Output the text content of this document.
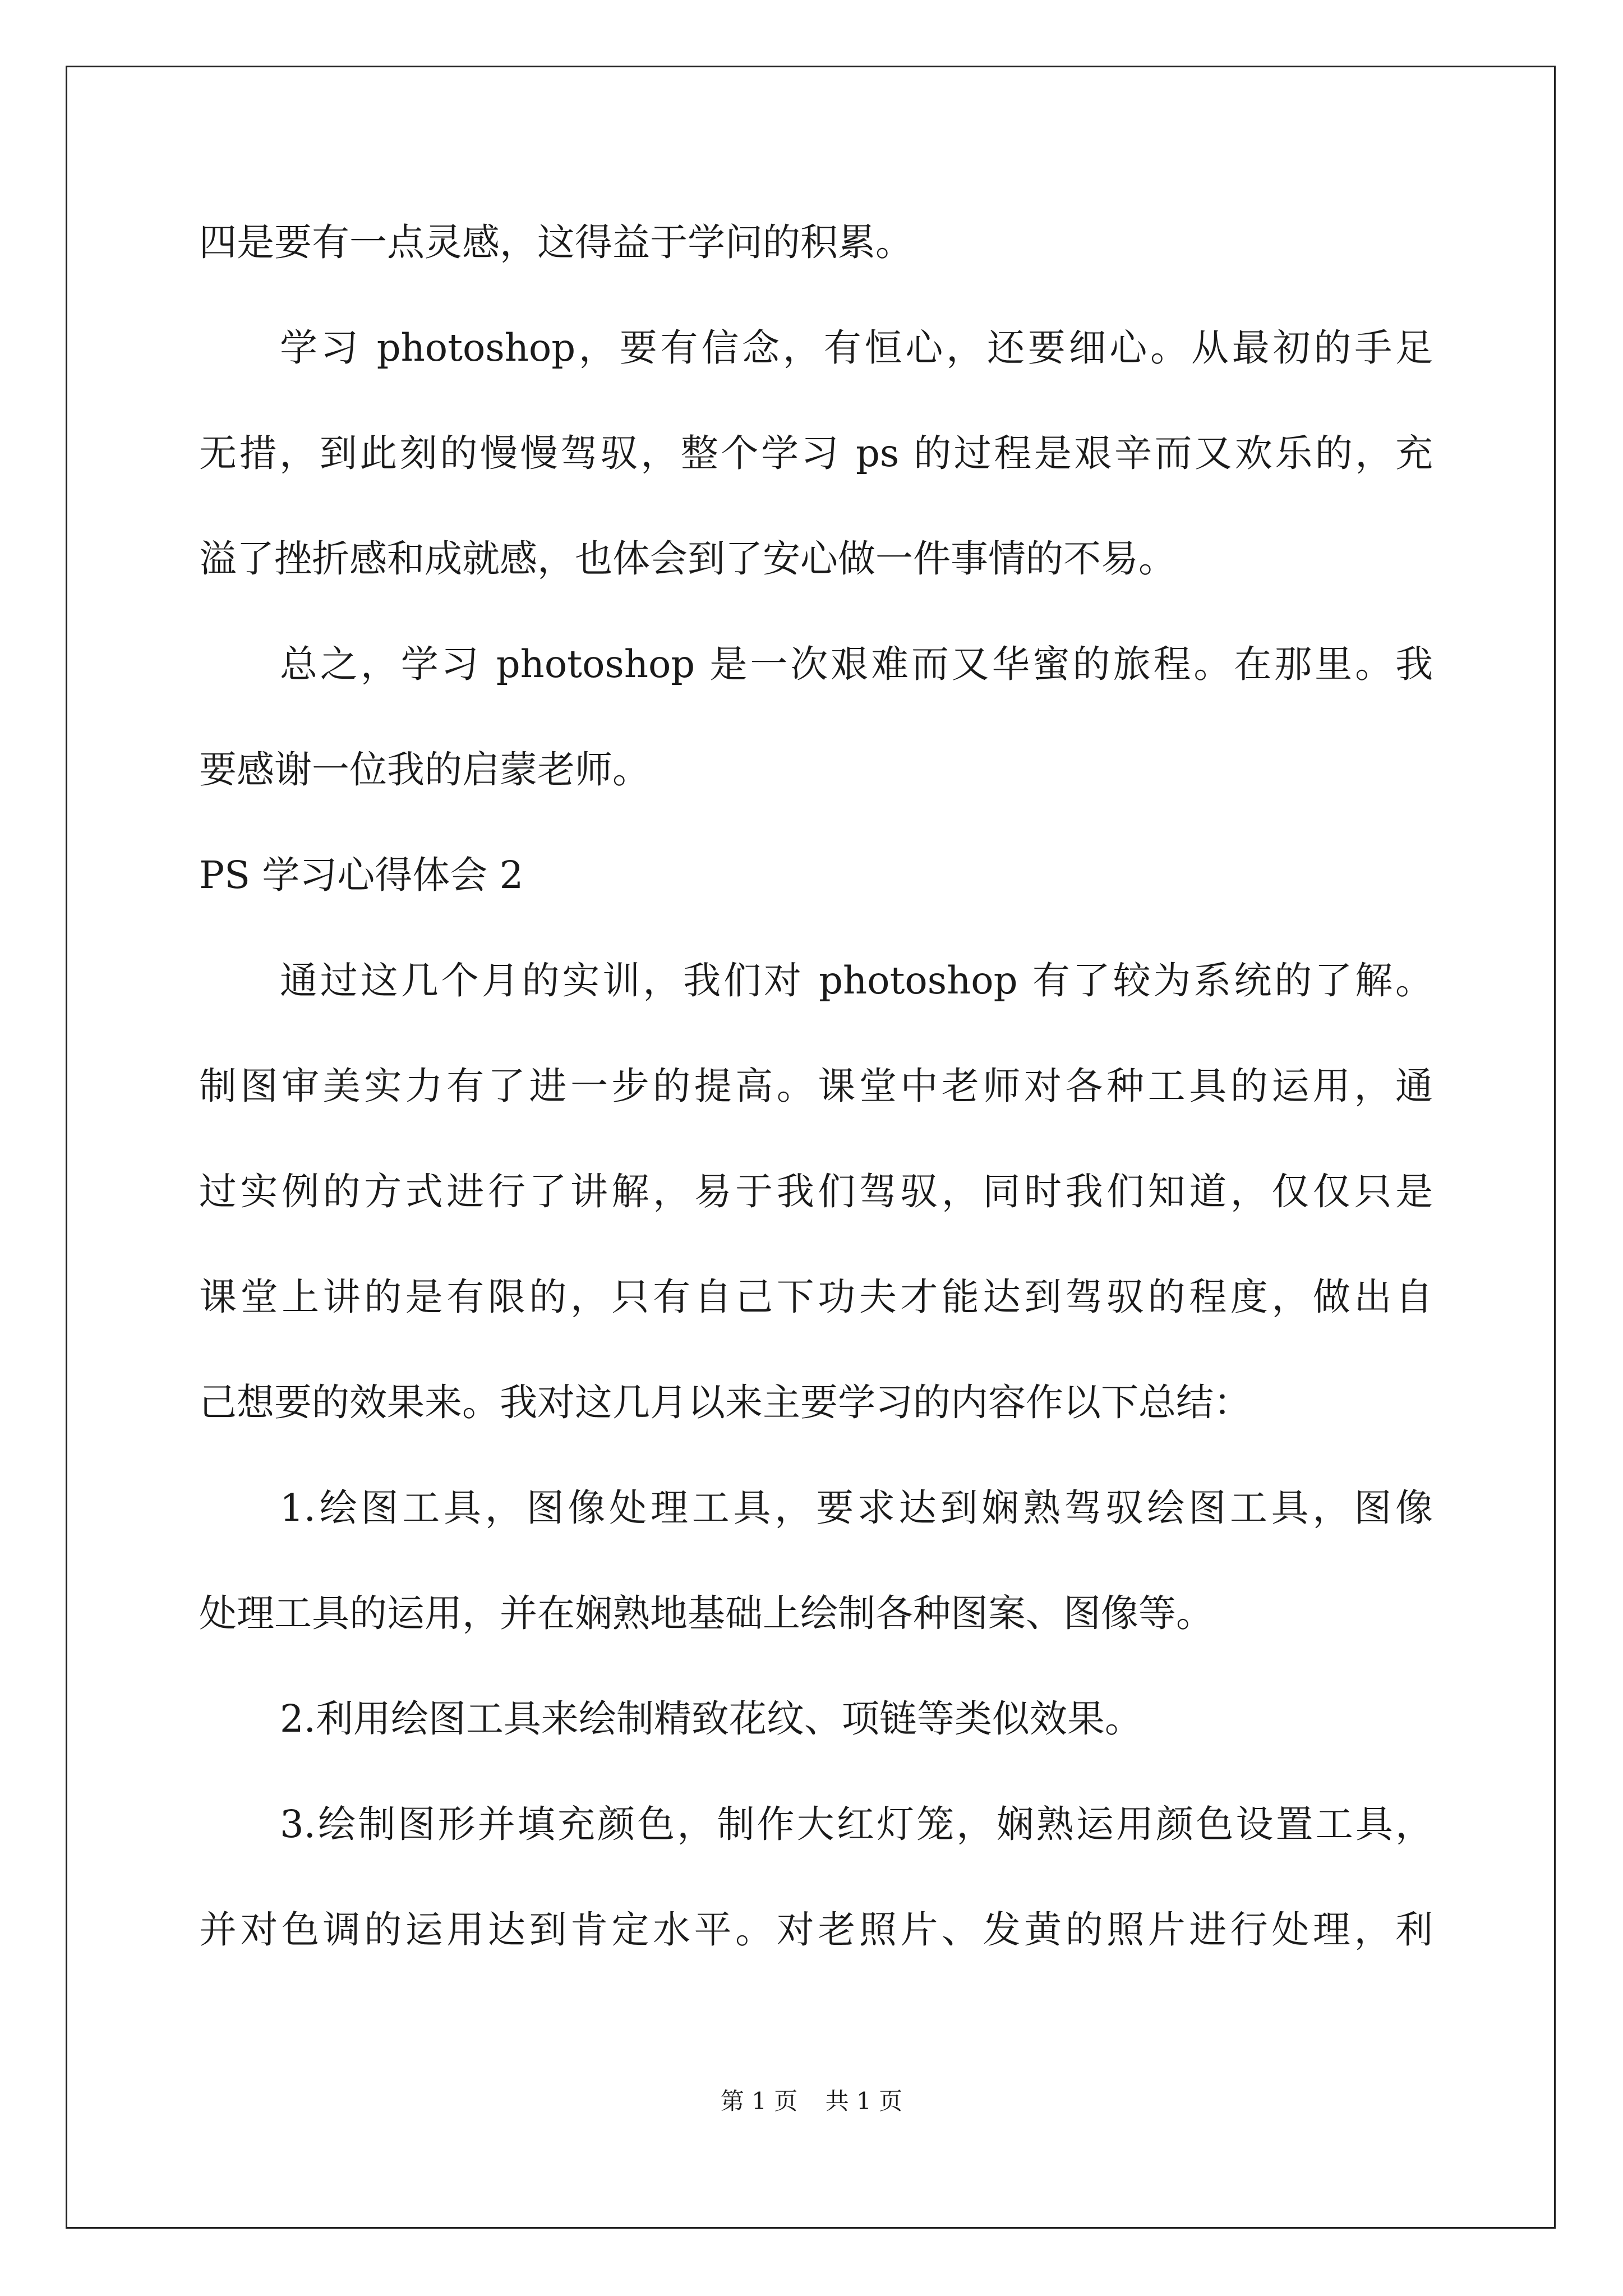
四是要有一点灵感，这得益于学问的积累。
学习 photoshop，要有信念，有恒心，还要细心。从最初的手足
无措，到此刻的慢慢驾驭，整个学习 ps 的过程是艰辛而又欢乐的，充
溢了挫折感和成就感，也体会到了安心做一件事情的不易。
总之，学习 photoshop 是一次艰难而又华蜜的旅程。在那里。我
要感谢一位我的启蒙老师。
PS 学习心得体会 2
通过这几个月的实训，我们对 photoshop 有了较为系统的了解。
制图审美实力有了进一步的提高。课堂中老师对各种工具的运用，通
过实例的方式进行了讲解，易于我们驾驭，同时我们知道，仅仅只是
课堂上讲的是有限的，只有自己下功夫才能达到驾驭的程度，做出自
己想要的效果来。我对这几月以来主要学习的内容作以下总结：
1.绘图工具，图像处理工具，要求达到娴熟驾驭绘图工具，图像
处理工具的运用，并在娴熟地基础上绘制各种图案、图像等。
2.利用绘图工具来绘制精致花纹、项链等类似效果。
3.绘制图形并填充颜色，制作大红灯笼，娴熟运用颜色设置工具，
并对色调的运用达到肯定水平。对老照片、发黄的照片进行处理，利
第 1 页 共 1 页
